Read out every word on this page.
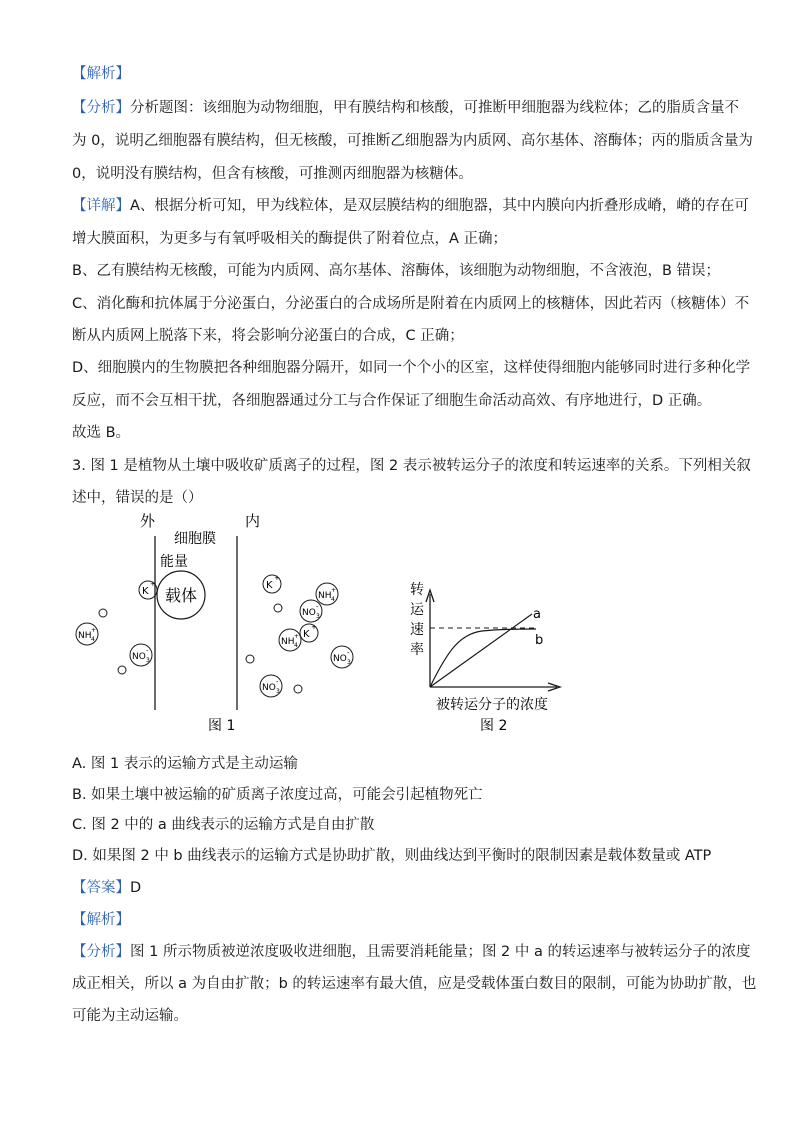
【解析】
【分析】分析题图：该细胞为动物细胞，甲有膜结构和核酸，可推断甲细胞器为线粒体；乙的脂质含量不
为 0，说明乙细胞器有膜结构，但无核酸，可推断乙细胞器为内质网、高尔基体、溶酶体；丙的脂质含量为
0，说明没有膜结构，但含有核酸，可推测丙细胞器为核糖体。
【详解】A、根据分析可知，甲为线粒体，是双层膜结构的细胞器，其中内膜向内折叠形成嵴，嵴的存在可
增大膜面积，为更多与有氧呼吸相关的酶提供了附着位点，A 正确；
B、乙有膜结构无核酸，可能为内质网、高尔基体、溶酶体，该细胞为动物细胞，不含液泡，B 错误；
C、消化酶和抗体属于分泌蛋白，分泌蛋白的合成场所是附着在内质网上的核糖体，因此若丙（核糖体）不
断从内质网上脱落下来，将会影响分泌蛋白的合成，C 正确；
D、细胞膜内的生物膜把各种细胞器分隔开，如同一个个小的区室，这样使得细胞内能够同时进行多种化学
反应，而不会互相干扰，各细胞器通过分工与合作保证了细胞生命活动高效、有序地进行，D 正确。
故选 B。
3. 图 1 是植物从土壤中吸收矿质离子的过程，图 2 表示被转运分子的浓度和转运速率的关系。下列相关叙
述中，错误的是（）
外	内
细胞膜
能量
载体
K
+
NH 4
+
NO 3
-
K
+
NH 4
+
NO 3
-
NH 4
+ K
+
NO 3
-
NO 3
-
图 1
转
运
速
率
a
b
被转运分子的浓度
图 2
A. 图 1 表示的运输方式是主动运输
B. 如果土壤中被运输的矿质离子浓度过高，可能会引起植物死亡
C. 图 2 中的 a 曲线表示的运输方式是自由扩散
D. 如果图 2 中 b 曲线表示的运输方式是协助扩散，则曲线达到平衡时的限制因素是载体数量或 ATP
【答案】D
【解析】
【分析】图 1 所示物质被逆浓度吸收进细胞，且需要消耗能量；图 2 中 a 的转运速率与被转运分子的浓度
成正相关，所以 a 为自由扩散；b 的转运速率有最大值，应是受载体蛋白数目的限制，可能为协助扩散，也
可能为主动运输。
